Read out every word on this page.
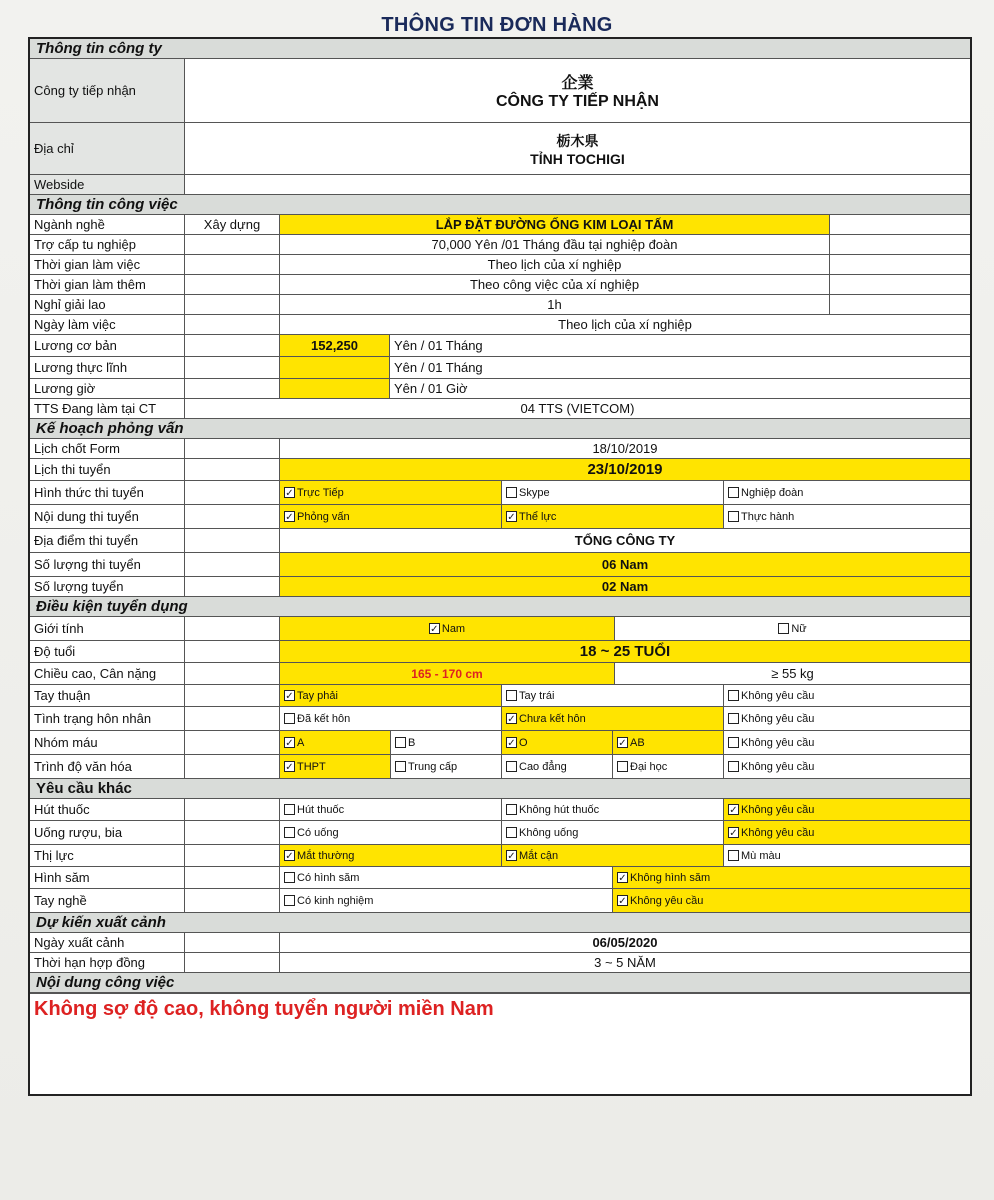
THÔNG TIN ĐƠN HÀNG
Thông tin công ty
Công ty tiếp nhận	企業
CÔNG TY TIẾP NHẬN
Địa chỉ	栃木県
TỈNH TOCHIGI
Webside
Thông tin công việc
Ngành nghề	Xây dựng	LẮP ĐẶT ĐƯỜNG ỐNG KIM LOẠI TẤM
Trợ cấp tu nghiệp	70,000 Yên /01 Tháng đầu tại nghiệp đoàn
Thời gian làm việc	Theo lịch của xí nghiệp
Thời gian làm thêm	Theo công việc của xí nghiệp
Nghỉ giải lao	1h
Ngày làm việc	Theo lịch của xí nghiệp
Lương cơ bản	152,250	Yên / 01 Tháng
Lương thực lĩnh	Yên / 01 Tháng
Lương giờ	Yên / 01 Giờ
TTS Đang làm tại CT	04 TTS (VIETCOM)
Kế hoạch phỏng vấn
Lịch chốt Form	18/10/2019
Lịch thi tuyển	23/10/2019
Hình thức thi tuyển	✓ Trực Tiếp	Skype	Nghiệp đoàn
Nội dung thi tuyển	✓ Phỏng vấn	✓ Thể lực	Thực hành
Địa điểm thi tuyển	TỔNG CÔNG TY
Số lượng thi tuyển	06 Nam
Số lượng tuyển	02 Nam
Điều kiện tuyển dụng
Giới tính	✓ Nam	Nữ
Độ tuổi	18 ~ 25 TUỔI
Chiều cao, Cân nặng	165 - 170 cm	≥ 55 kg
Tay thuận	✓ Tay phải	Tay trái	Không yêu cầu
Tình trạng hôn nhân	Đã kết hôn	✓ Chưa kết hôn	Không yêu cầu
Nhóm máu	✓ A	B	✓ O	✓ AB	Không yêu cầu
Trình độ văn hóa	✓ THPT	Trung cấp	Cao đẳng	Đại học	Không yêu cầu
Yêu cầu khác
Hút thuốc	Hút thuốc	Không hút thuốc	✓ Không yêu cầu
Uống rượu, bia	Có uống	Không uống	✓ Không yêu cầu
Thị lực	✓ Mắt thường	✓ Mắt cận	Mù màu
Hình săm	Có hình săm	✓ Không hình săm
Tay nghề	Có kinh nghiệm	✓ Không yêu cầu
Dự kiến xuất cảnh
Ngày xuất cảnh	06/05/2020
Thời hạn hợp đồng	3 ~ 5 NĂM
Nội dung công việc
Không sợ độ cao, không tuyển người miền Nam
